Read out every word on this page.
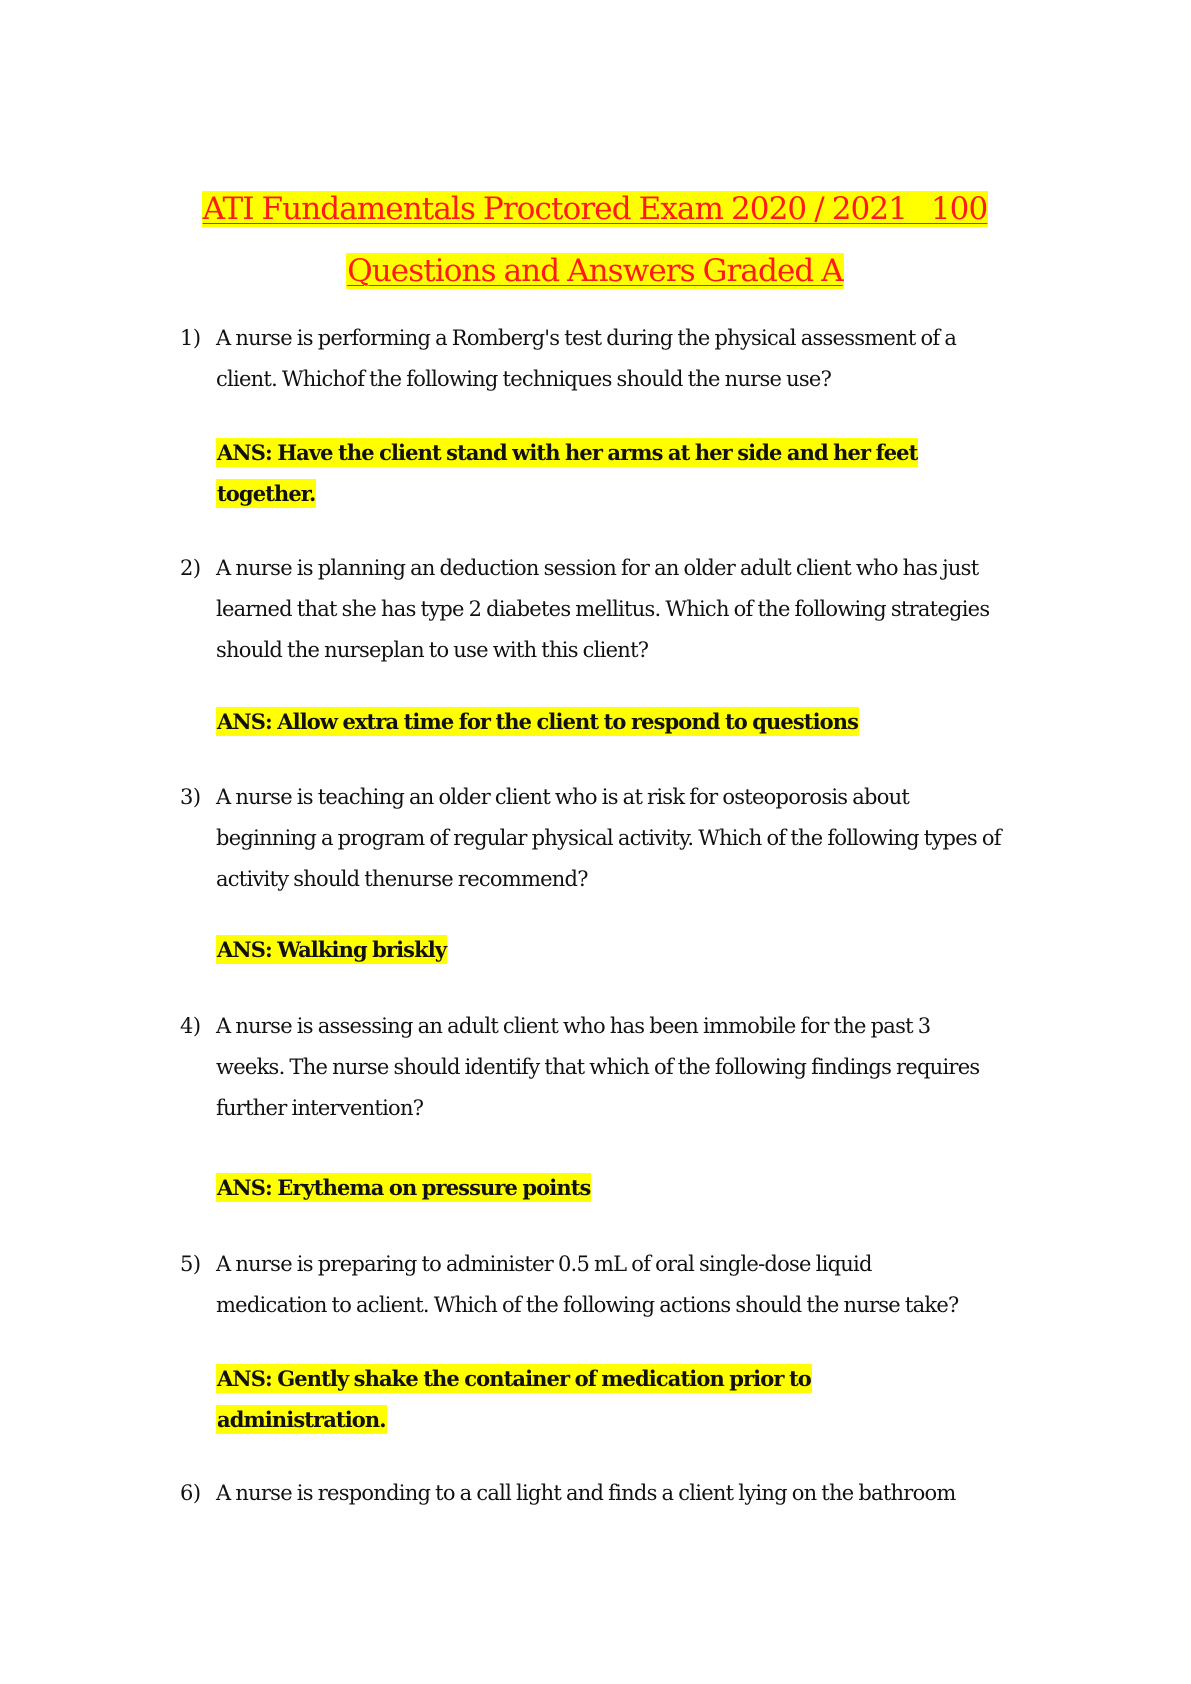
ATI Fundamentals Proctored Exam 2020 / 2021   100
Questions and Answers Graded A
1) A nurse is performing a Romberg's test during the physical assessment of a
client. Whichof the following techniques should the nurse use?
ANS: Have the client stand with her arms at her side and her feet
together.
2) A nurse is planning an deduction session for an older adult client who has just
learned that she has type 2 diabetes mellitus. Which of the following strategies
should the nurseplan to use with this client?
ANS: Allow extra time for the client to respond to questions
3) A nurse is teaching an older client who is at risk for osteoporosis about
beginning a program of regular physical activity. Which of the following types of
activity should thenurse recommend?
ANS: Walking briskly
4) A nurse is assessing an adult client who has been immobile for the past 3
weeks. The nurse should identify that which of the following findings requires
further intervention?
ANS: Erythema on pressure points
5) A nurse is preparing to administer 0.5 mL of oral single-dose liquid
medication to aclient. Which of the following actions should the nurse take?
ANS: Gently shake the container of medication prior to
administration.
6) A nurse is responding to a call light and finds a client lying on the bathroom
